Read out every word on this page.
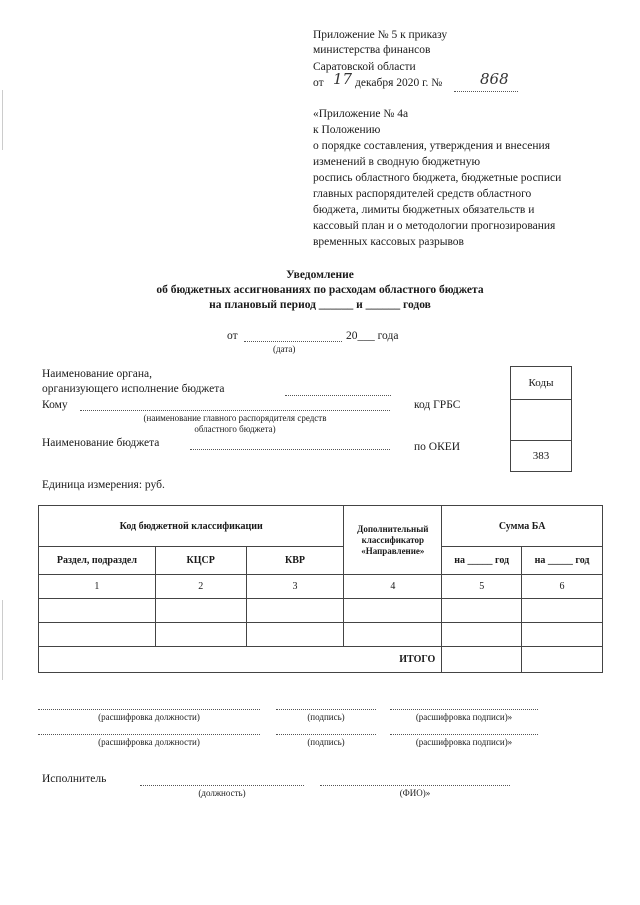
Приложение № 5 к приказу
министерства финансов
Саратовской области
от 17 декабря 2020 г. №	868
«Приложение № 4а
к Положению
о порядке составления, утверждения и внесения
изменений в сводную бюджетную
роспись областного бюджета, бюджетные росписи
главных распорядителей средств областного
бюджета, лимиты бюджетных обязательств и
кассовый план и о методологии прогнозирования
временных кассовых разрывов
Уведомление
об бюджетных ассигнованиях по расходам областного бюджета
на плановый период ______ и ______ годов
от	20___ года
(дата)
Наименование органа,
организующего исполнение бюджета
Кому
(наименование главного распорядителя средств
областного бюджета)
код ГРБС
Наименование бюджета	по ОКЕИ
Коды

383
Единица измерения: руб.
Код бюджетной классификации			Дополнительный классификатор «Направление»	Сумма БА	
Раздел, подраздел	КЦСР	КВР		на _____ год	на _____ год
1	2	3	4	5	6

ИТОГО					
(расшифровка должности)	(подпись)	(расшифровка подписи)»
(расшифровка должности)	(подпись)	(расшифровка подписи)»
Исполнитель
(должность)	(ФИО)»
